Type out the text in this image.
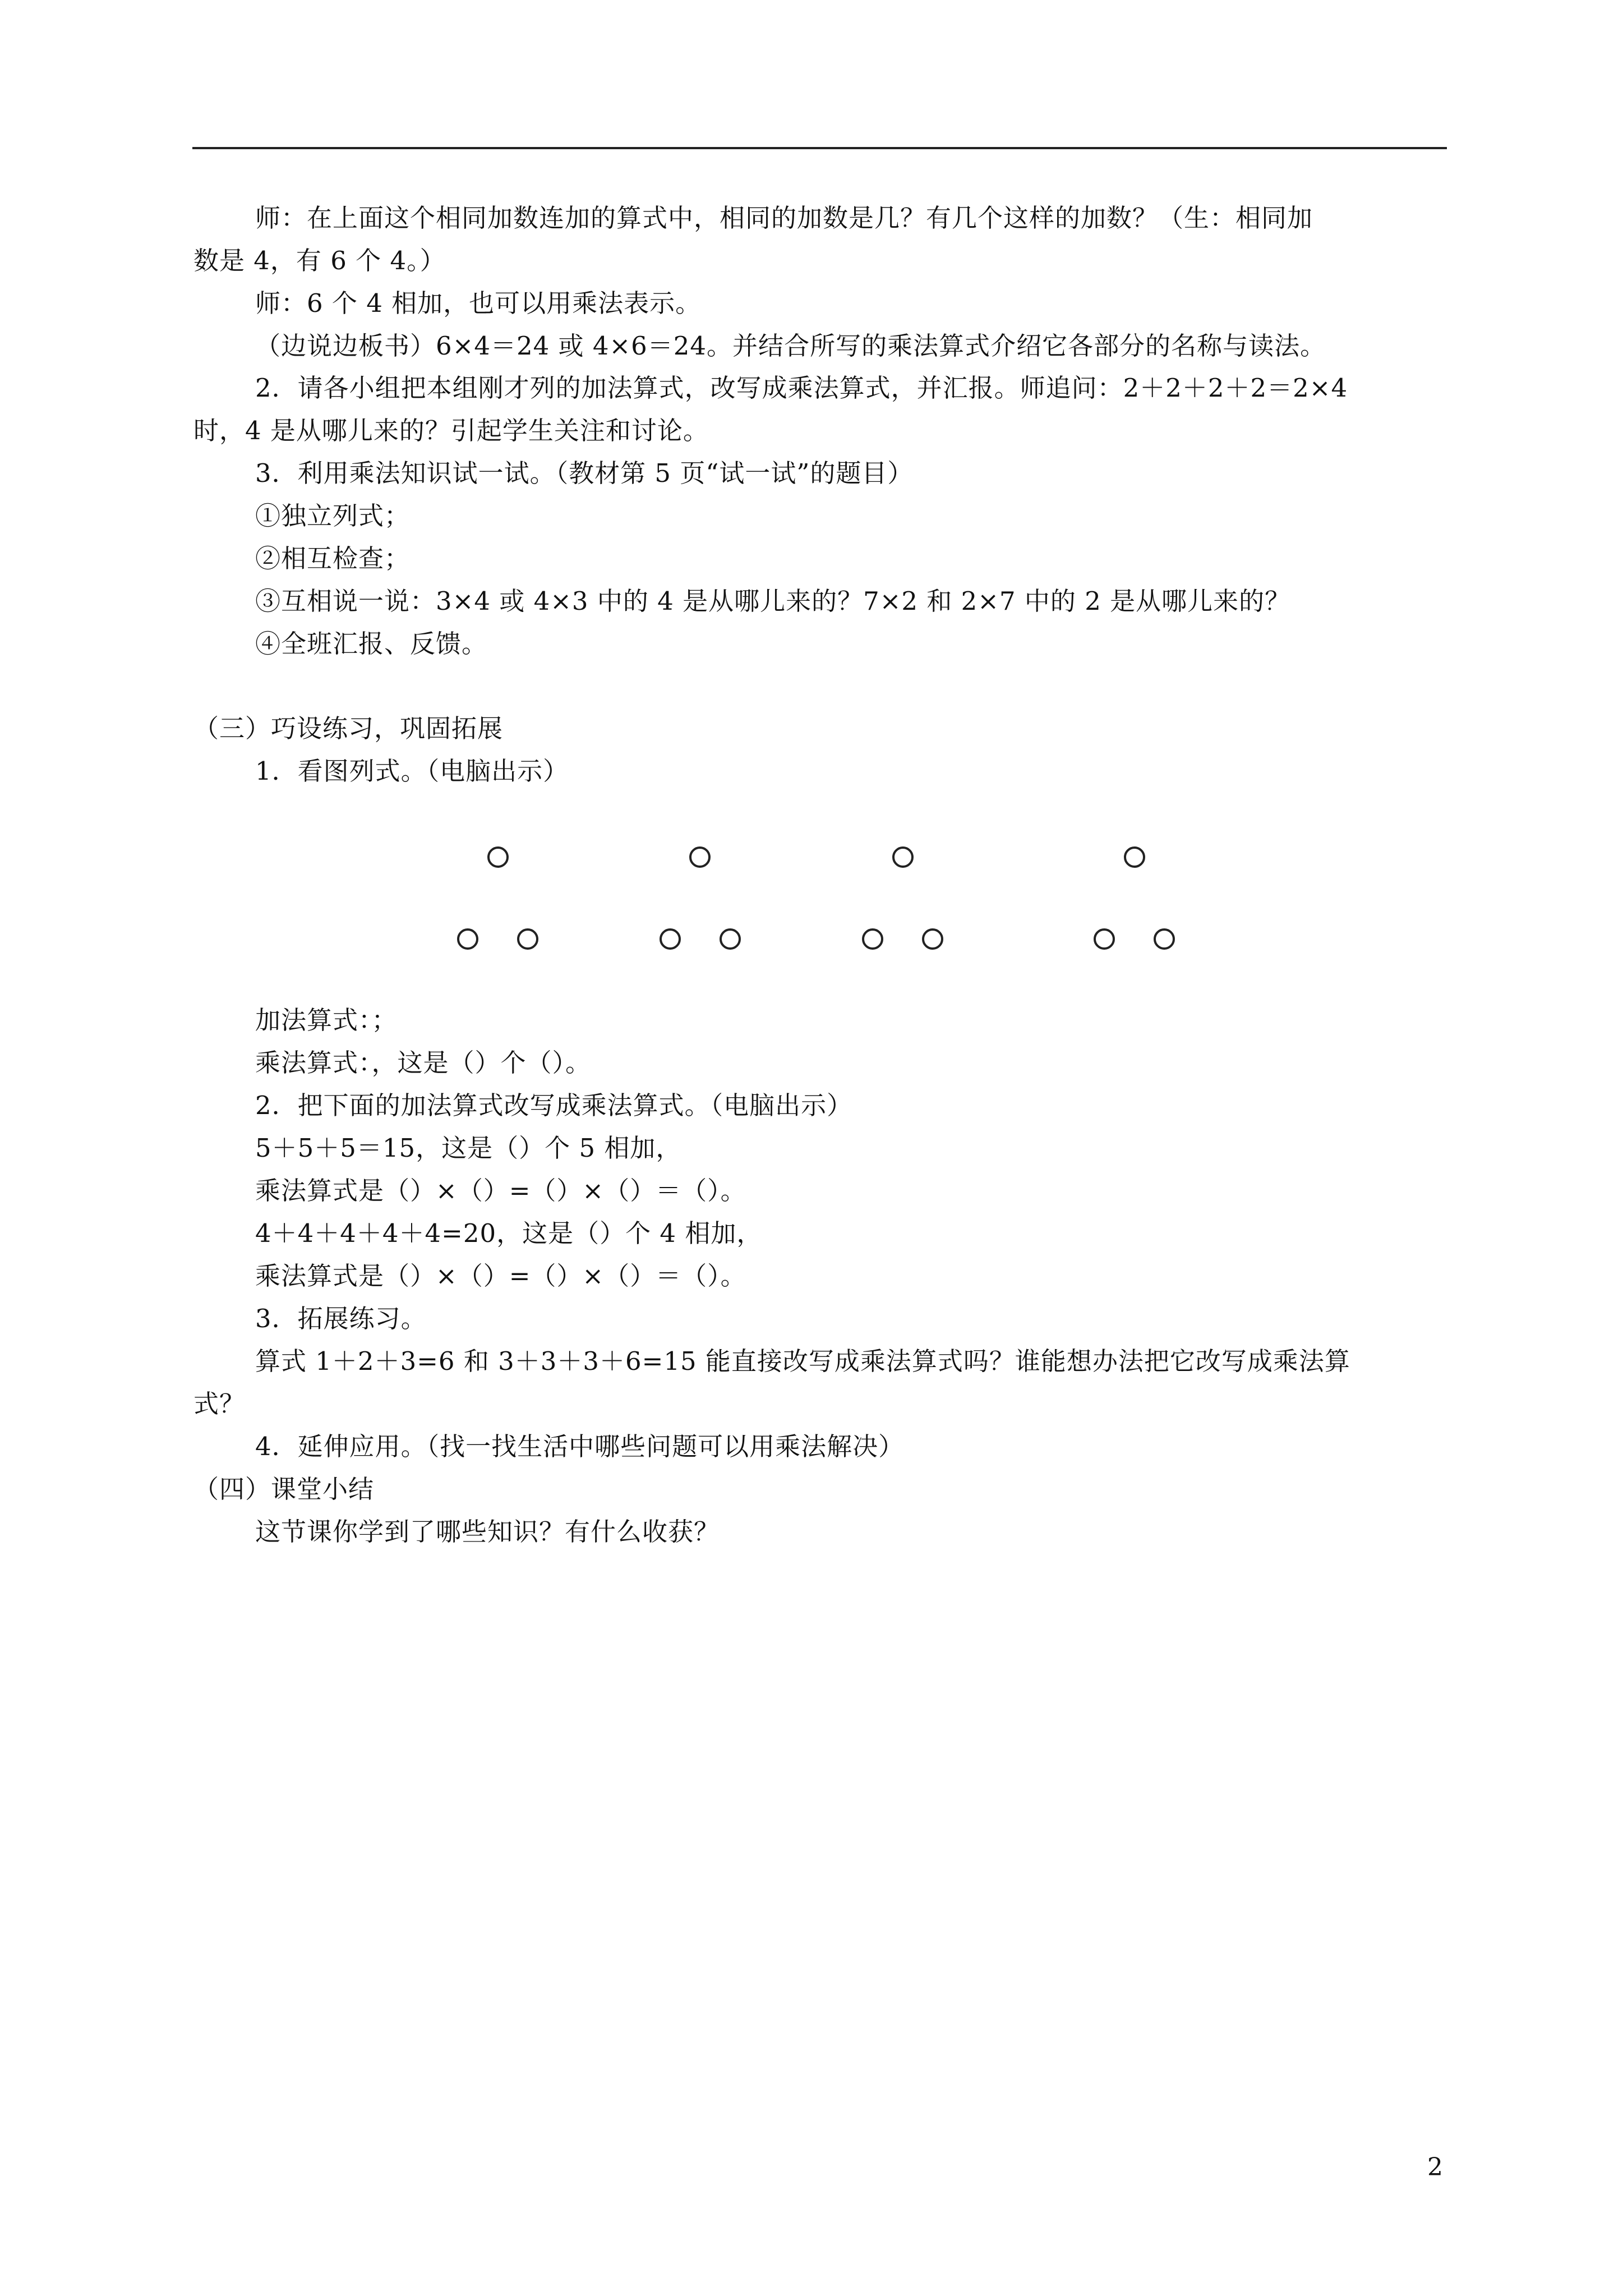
师：在上面这个相同加数连加的算式中，相同的加数是几？有几个这样的加数？（生：相同加
数是 4，有 6 个 4。）
师：6 个 4 相加，也可以用乘法表示。
（边说边板书）6×4＝24 或 4×6＝24。并结合所写的乘法算式介绍它各部分的名称与读法。
2．请各小组把本组刚才列的加法算式，改写成乘法算式，并汇报。师追问：2＋2＋2＋2＝2×4
时，4 是从哪儿来的？引起学生关注和讨论。
3．利用乘法知识试一试。（教材第 5 页“试一试”的题目）
①独立列式；
②相互检查；
③互相说一说：3×4 或 4×3 中的 4 是从哪儿来的？7×2 和 2×7 中的 2 是从哪儿来的？
④全班汇报、反馈。
（三）巧设练习，巩固拓展
1．看图列式。（电脑出示）
加法算式：；
乘法算式：，这是（）个（）。
2．把下面的加法算式改写成乘法算式。（电脑出示）
5＋5＋5＝15，这是（）个 5 相加，
乘法算式是（）×（）=（）×（）＝（）。
4＋4＋4＋4＋4=20，这是（）个 4 相加，
乘法算式是（）×（）=（）×（）＝（）。
3．拓展练习。
算式 1＋2＋3=6 和 3＋3＋3＋6=15 能直接改写成乘法算式吗？谁能想办法把它改写成乘法算
式？
4．延伸应用。（找一找生活中哪些问题可以用乘法解决）
（四）课堂小结
这节课你学到了哪些知识？有什么收获？
2
